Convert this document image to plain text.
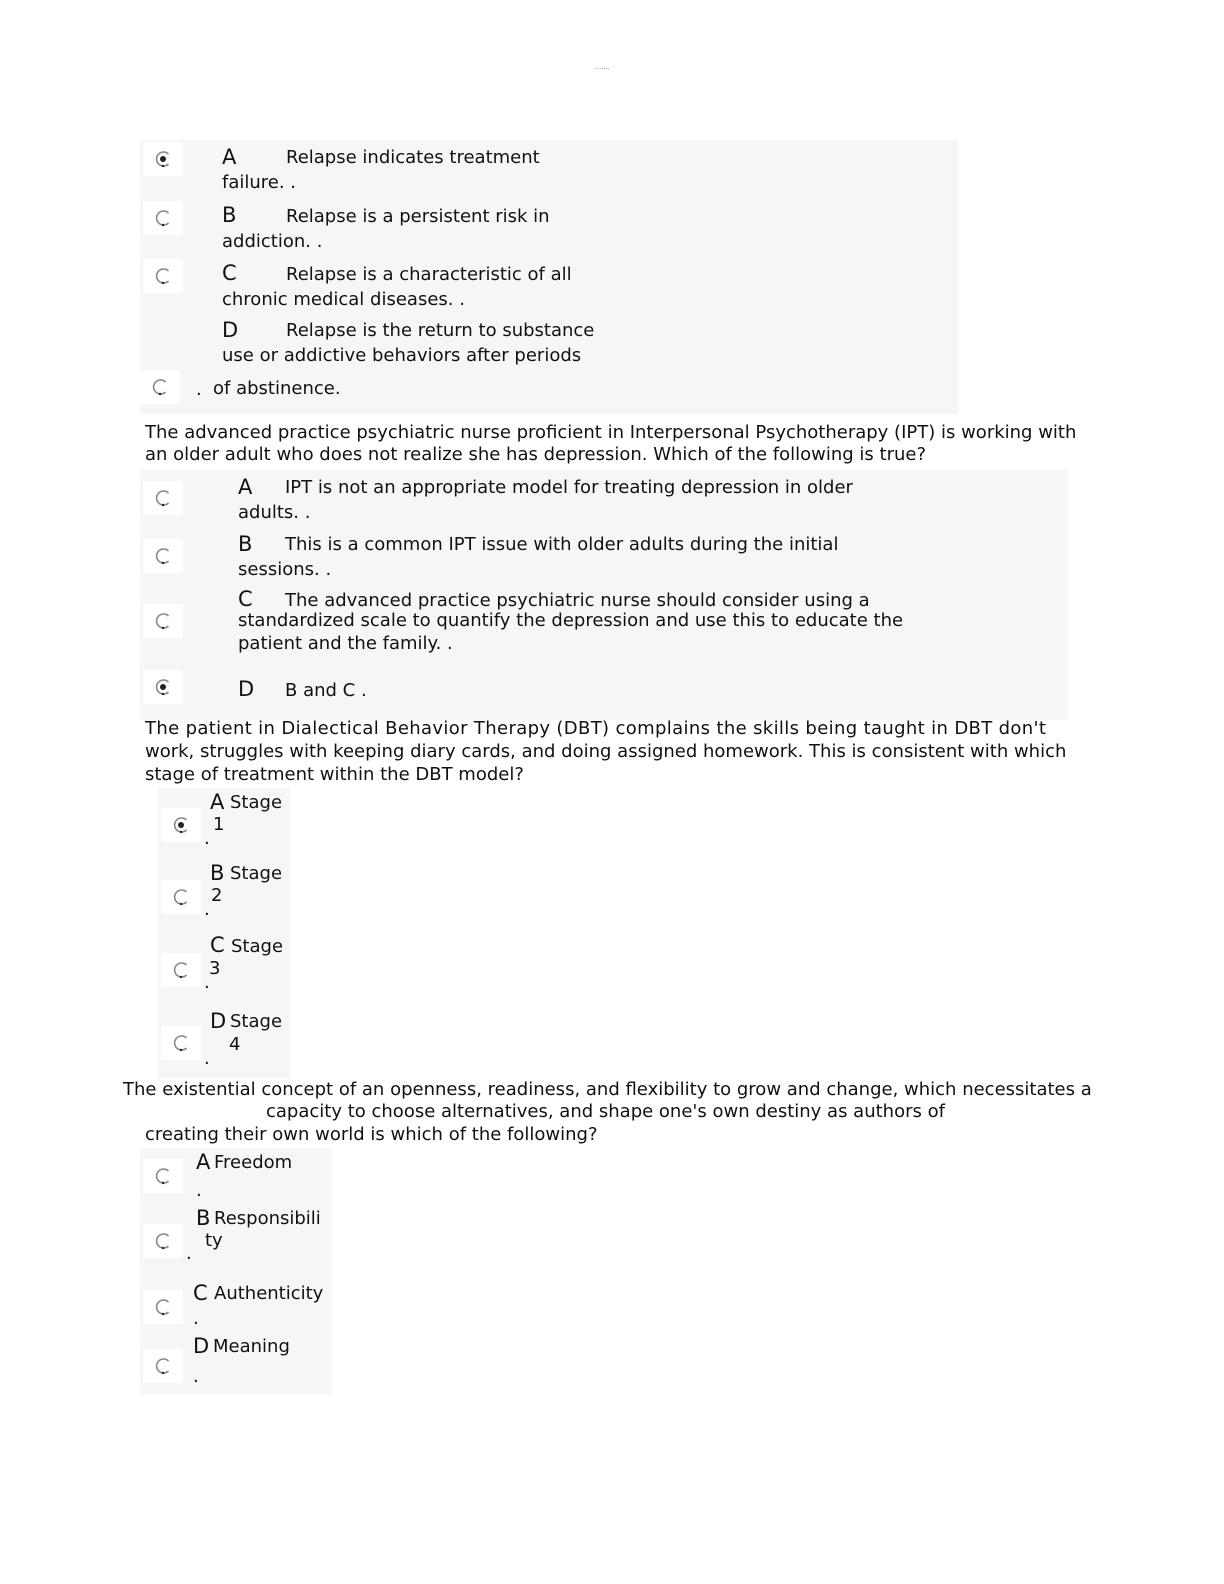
........
A	Relapse indicates treatment
failure. .
B	Relapse is a persistent risk in
addiction. .
C	Relapse is a characteristic of all
chronic medical diseases. .
D	Relapse is the return to substance
use or addictive behaviors after periods
. of abstinence.
The advanced practice psychiatric nurse proficient in Interpersonal Psychotherapy (IPT) is working with
an older adult who does not realize she has depression. Which of the following is true?
A IPT is not an appropriate model for treating depression in older
adults. .
B This is a common IPT issue with older adults during the initial
sessions. .
C The advanced practice psychiatric nurse should consider using a
standardized scale to quantify the depression and use this to educate the
patient and the family. .
D B and C .
The patient in Dialectical Behavior Therapy (DBT) complains the skills being taught in DBT don't
work, struggles with keeping diary cards, and doing assigned homework. This is consistent with which
stage of treatment within the DBT model?
A Stage
1
.
B Stage
2
.
C Stage
3
.
D Stage
4
.
The existential concept of an openness, readiness, and flexibility to grow and change, which necessitates a
capacity to choose alternatives, and shape one's own destiny as authors of
creating their own world is which of the following?
A Freedom
.
B Responsibili
ty
.
C Authenticity
.
D Meaning
.
